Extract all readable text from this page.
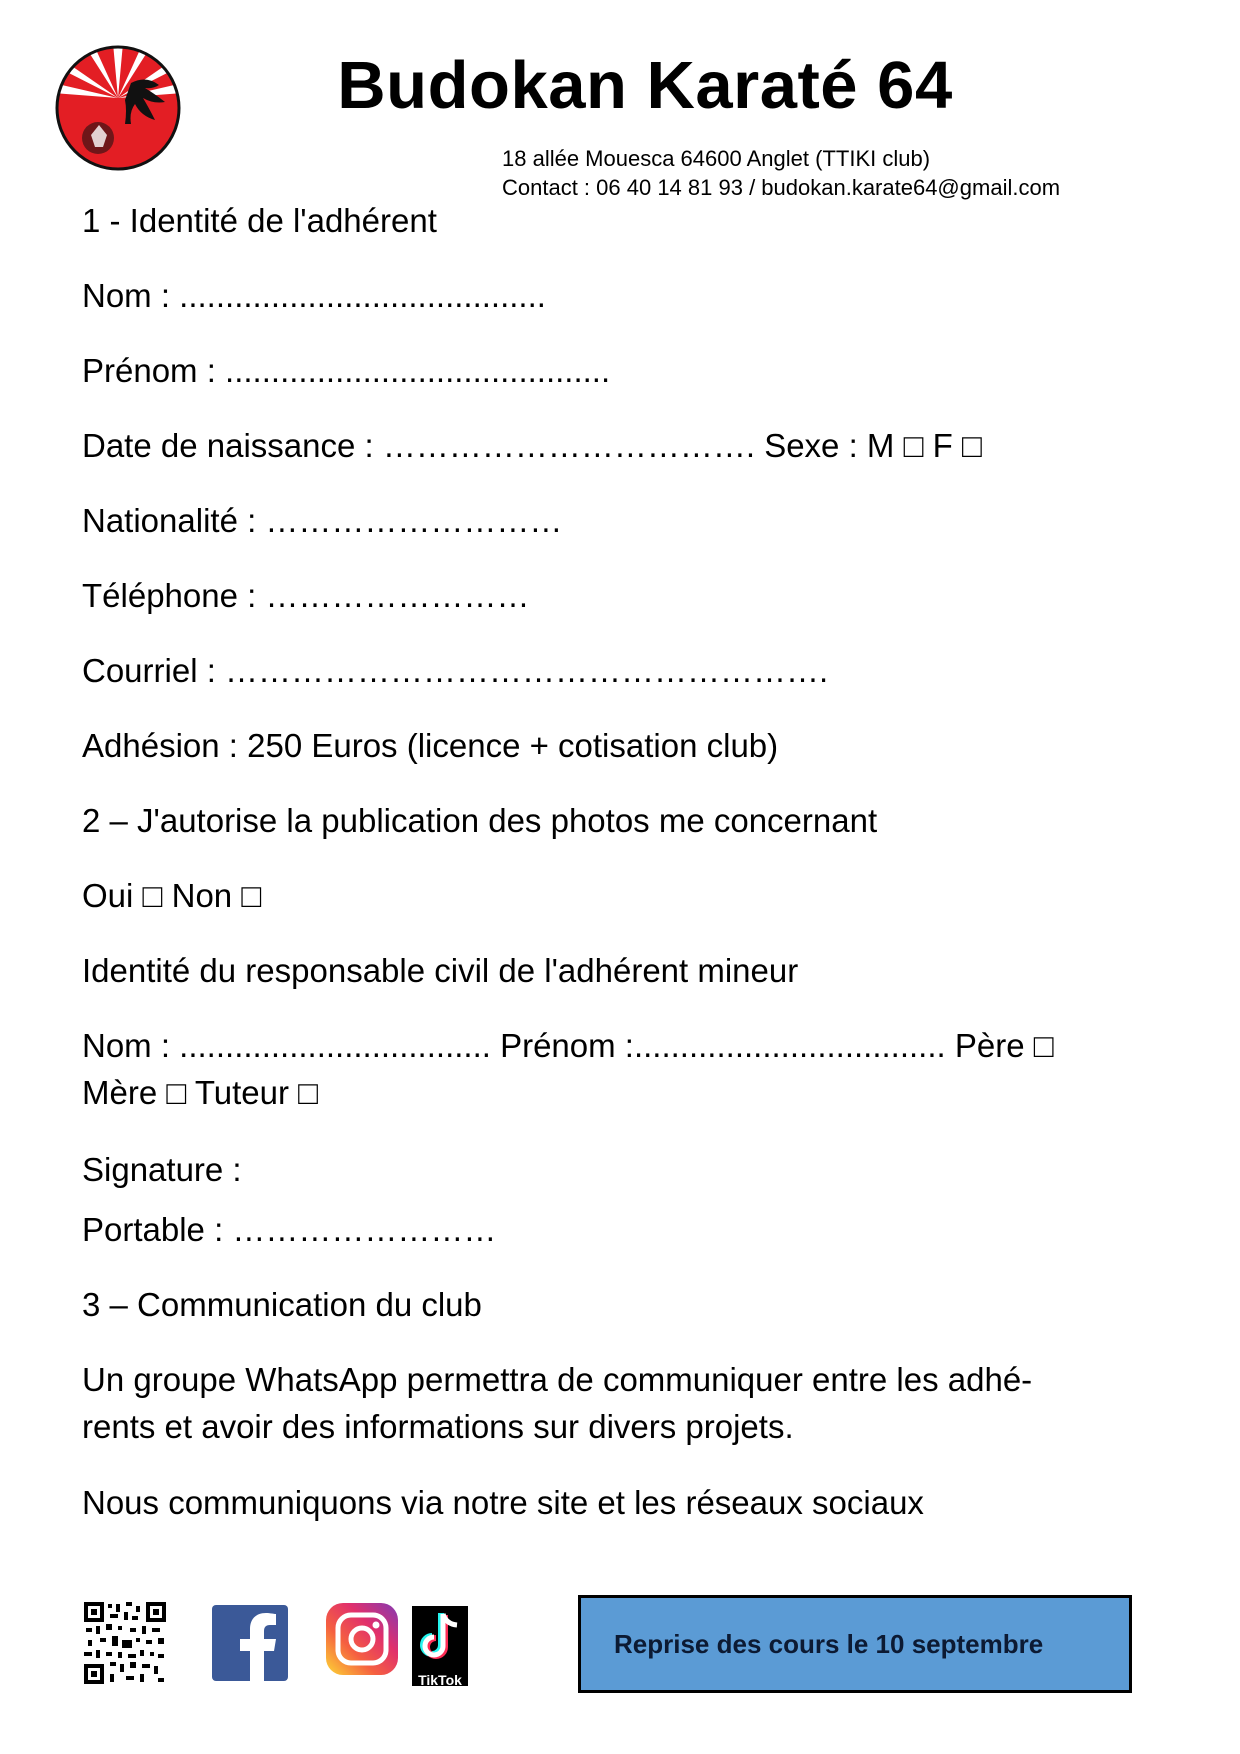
Budokan Karaté 64
18 allée Mouesca 64600 Anglet (TTIKI club)
Contact : 06 40 14 81 93 / budokan.karate64@gmail.com
1 - Identité de l'adhérent
Nom : ........................................
Prénom : ..........................................
Date de naissance : ……………………………. Sexe : M □ F □
Nationalité : ………………………
Téléphone : ……………………
Courriel : ……………………………………………….
Adhésion : 250 Euros (licence + cotisation club)
2 – J'autorise la publication des photos me concernant
Oui □ Non □
Identité du responsable civil de l'adhérent mineur
Nom : .................................. Prénom :.................................. Père □
Mère □ Tuteur □
Signature :
Portable : ……………………
3 – Communication du club
Un groupe WhatsApp permettra de communiquer entre les adhé-
rents et avoir des informations sur divers projets.
Nous communiquons via notre site et les réseaux sociaux
TikTok
Reprise des cours le 10 septembre
